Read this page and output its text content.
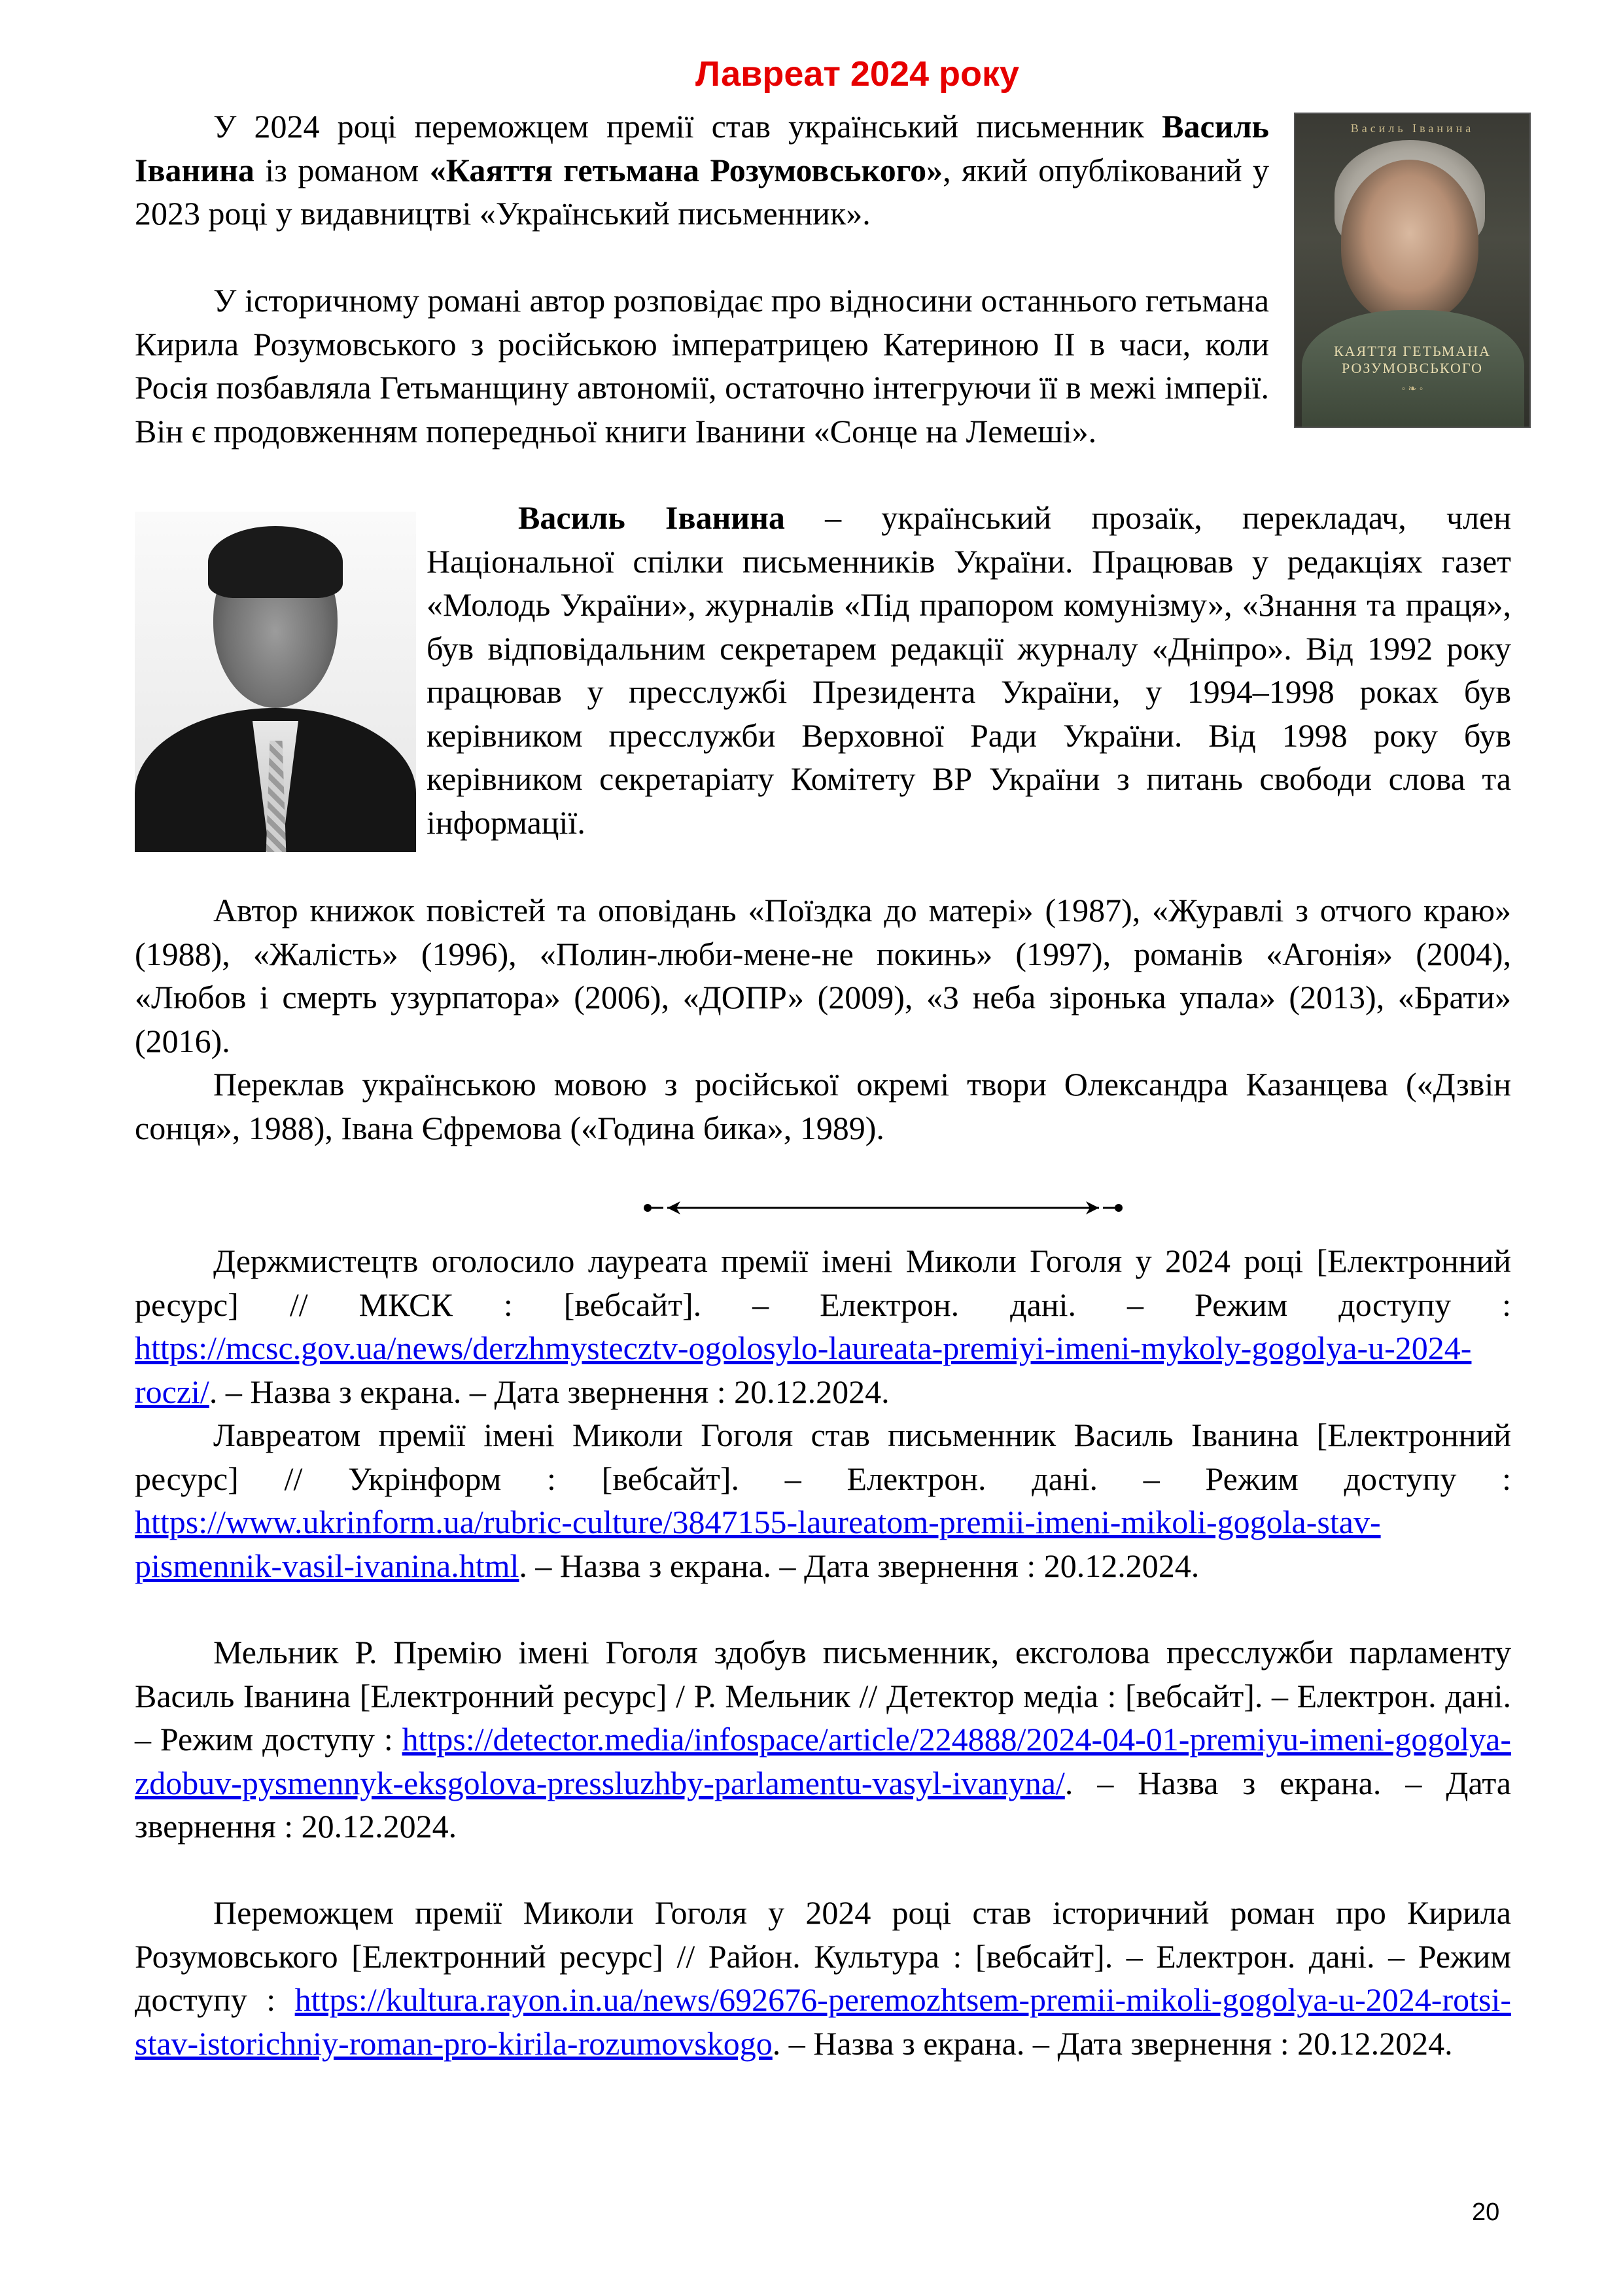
Лавреат 2024 року
Василь Іванина
КАЯТТЯ ГЕТЬМАНА
РОЗУМОВСЬКОГО
◦ ❧ ◦

У 2024 році переможцем премії став український письменник Василь Іванина із романом «Каяття гетьмана Розумовського», який опублікований у 2023 році у видавництві «Український письменник».

У історичному романі автор розповідає про відносини останнього гетьмана Кирила Розумовського з російською імператрицею Катериною ІІ в часи, коли Росія позбавляла Гетьманщину автономії, остаточно інтегруючи її в межі імперії. Він є продовженням попередньої книги Іванини «Сонце на Лемеші».

Василь Іванина – український прозаїк, перекладач, член Національної спілки письменників України. Працював у редакціях газет «Молодь України», журналів «Під прапором комунізму», «Знання та праця», був відповідальним секретарем редакції журналу «Дніпро». Від 1992 року працював у пресслужбі Президента України, у 1994–1998 роках був керівником пресслужби Верховної Ради України. Від 1998 року був керівником секретаріату Комітету ВР України з питань свободи слова та інформації.

Автор книжок повістей та оповідань «Поїздка до матері» (1987), «Журавлі з отчого краю» (1988), «Жалість» (1996), «Полин-люби-мене-не покинь» (1997), романів «Агонія» (2004), «Любов і смерть узурпатора» (2006), «ДОПР» (2009), «З неба зіронька упала» (2013), «Брати» (2016).

Переклав українською мовою з російської окремі твори Олександра Казанцева («Дзвін сонця», 1988), Івана Єфремова («Година бика», 1989).

Держмистецтв оголосило лауреата премії імені Миколи Гоголя у 2024 році [Електронний ресурс] // МКСК : [вебсайт]. – Електрон. дані. – Режим доступу : https://mcsc.gov.ua/news/derzhmystecztv-ogolosylo-laureata-premiyi-imeni-mykoly-gogolya-u-2024-roczi/. – Назва з екрана. – Дата звернення : 20.12.2024.

Лавреатом премії імені Миколи Гоголя став письменник Василь Іванина [Електронний ресурс] // Укрінформ : [вебсайт]. – Електрон. дані. – Режим доступу : https://www.ukrinform.ua/rubric-culture/3847155-laureatom-premii-imeni-mikoli-gogola-stav-pismennik-vasil-ivanina.html. – Назва з екрана. – Дата звернення : 20.12.2024.

Мельник Р. Премію імені Гоголя здобув письменник, ексголова пресслужби парламенту Василь Іванина [Електронний ресурс] / Р. Мельник // Детектор медіа : [вебсайт]. – Електрон. дані. – Режим доступу : https://detector.media/infospace/article/224888/2024-04-01-premiyu-imeni-gogolya-zdobuv-pysmennyk-eksgolova-pressluzhby-parlamentu-vasyl-ivanyna/. – Назва з екрана. – Дата звернення : 20.12.2024.

Переможцем премії Миколи Гоголя у 2024 році став історичний роман про Кирила Розумовського [Електронний ресурс] // Район. Культура : [вебсайт]. – Електрон. дані. – Режим доступу : https://kultura.rayon.in.ua/news/692676-peremozhtsem-premii-mikoli-gogolya-u-2024-rotsi-stav-istorichniy-roman-pro-kirila-rozumovskogo. – Назва з екрана. – Дата звернення : 20.12.2024.

20
